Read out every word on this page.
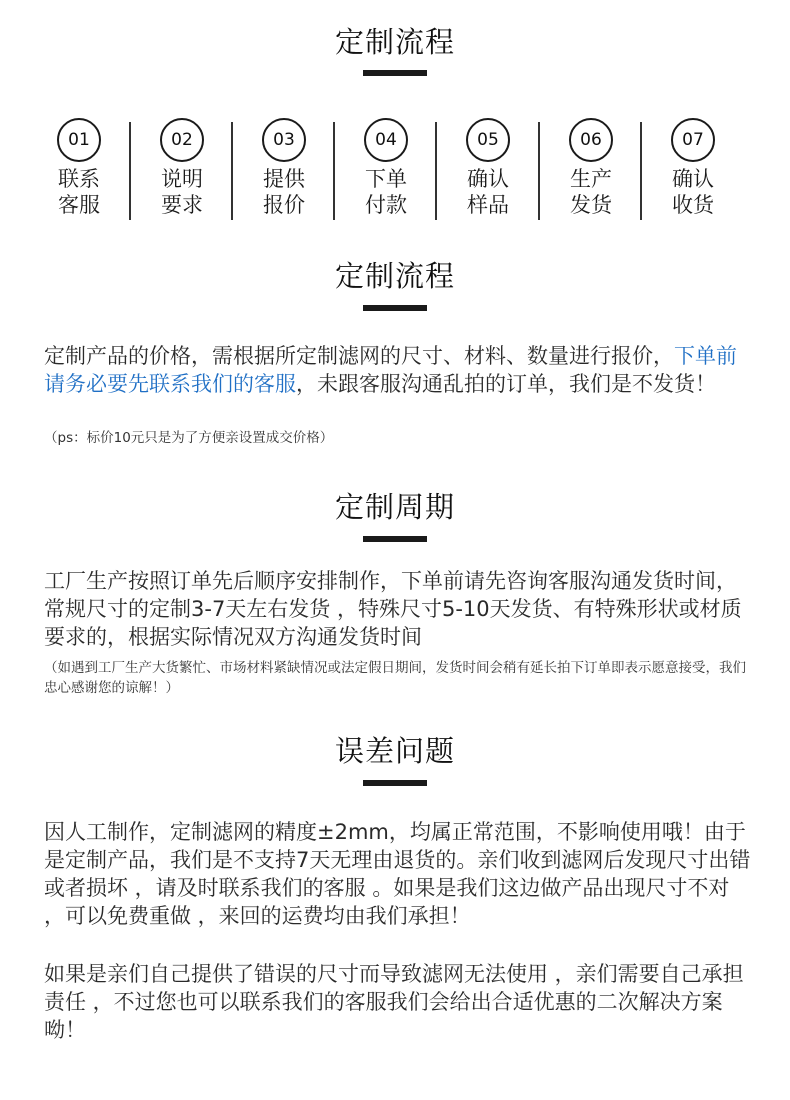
定制流程
01
联系
客服
02
说明
要求
03
提供
报价
04
下单
付款
05
确认
样品
06
生产
发货
07
确认
收货
定制流程

定制产品的价格，需根据所定制滤网的尺寸、材料、数量进行报价，下单前请务必要先联系我们的客服，未跟客服沟通乱拍的订单，我们是不发货！

（ps：标价10元只是为了方便亲设置成交价格）

定制周期

工厂生产按照订单先后顺序安排制作，下单前请先咨询客服沟通发货时间，常规尺寸的定制3-7天左右发货 ，特殊尺寸5-10天发货、有特殊形状或材质要求的，根据实际情况双方沟通发货时间

（如遇到工厂生产大货繁忙、市场材料紧缺情况或法定假日期间，发货时间会稍有延长拍下订单即表示愿意接受，我们忠心感谢您的谅解！）

误差问题

因人工制作，定制滤网的精度±2mm，均属正常范围，不影响使用哦！由于是定制产品，我们是不支持7天无理由退货的。亲们收到滤网后发现尺寸出错或者损坏 ，请及时联系我们的客服 。如果是我们这边做产品出现尺寸不对 ，可以免费重做 ，来回的运费均由我们承担！

如果是亲们自己提供了错误的尺寸而导致滤网无法使用 ，亲们需要自己承担责任 ，不过您也可以联系我们的客服我们会给出合适优惠的二次解决方案呦！
